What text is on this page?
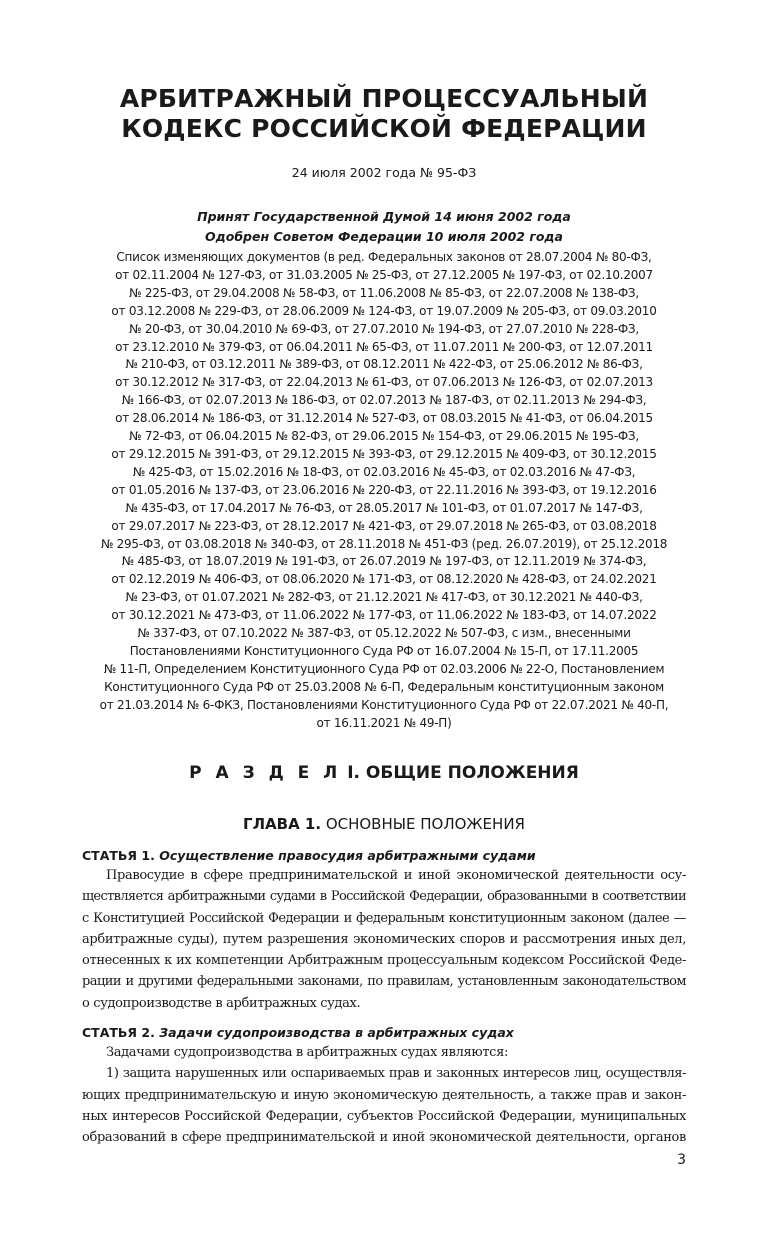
АРБИТРАЖНЫЙ ПРОЦЕССУАЛЬНЫЙ
КОДЕКС РОССИЙСКОЙ ФЕДЕРАЦИИ
24 июля 2002 года № 95-ФЗ
Принят Государственной Думой 14 июня 2002 года
Одобрен Советом Федерации 10 июля 2002 года
Список изменяющих документов (в ред. Федеральных законов от 28.07.2004 № 80-ФЗ,
от 02.11.2004 № 127-ФЗ, от 31.03.2005 № 25-ФЗ, от 27.12.2005 № 197-ФЗ, от 02.10.2007
№ 225-ФЗ, от 29.04.2008 № 58-ФЗ, от 11.06.2008 № 85-ФЗ, от 22.07.2008 № 138-ФЗ,
от 03.12.2008 № 229-ФЗ, от 28.06.2009 № 124-ФЗ, от 19.07.2009 № 205-ФЗ, от 09.03.2010
№ 20-ФЗ, от 30.04.2010 № 69-ФЗ, от 27.07.2010 № 194-ФЗ, от 27.07.2010 № 228-ФЗ,
от 23.12.2010 № 379-ФЗ, от 06.04.2011 № 65-ФЗ, от 11.07.2011 № 200-ФЗ, от 12.07.2011
№ 210-ФЗ, от 03.12.2011 № 389-ФЗ, от 08.12.2011 № 422-ФЗ, от 25.06.2012 № 86-ФЗ,
от 30.12.2012 № 317-ФЗ, от 22.04.2013 № 61-ФЗ, от 07.06.2013 № 126-ФЗ, от 02.07.2013
№ 166-ФЗ, от 02.07.2013 № 186-ФЗ, от 02.07.2013 № 187-ФЗ, от 02.11.2013 № 294-ФЗ,
от 28.06.2014 № 186-ФЗ, от 31.12.2014 № 527-ФЗ, от 08.03.2015 № 41-ФЗ, от 06.04.2015
№ 72-ФЗ, от 06.04.2015 № 82-ФЗ, от 29.06.2015 № 154-ФЗ, от 29.06.2015 № 195-ФЗ,
от 29.12.2015 № 391-ФЗ, от 29.12.2015 № 393-ФЗ, от 29.12.2015 № 409-ФЗ, от 30.12.2015
№ 425-ФЗ, от 15.02.2016 № 18-ФЗ, от 02.03.2016 № 45-ФЗ, от 02.03.2016 № 47-ФЗ,
от 01.05.2016 № 137-ФЗ, от 23.06.2016 № 220-ФЗ, от 22.11.2016 № 393-ФЗ, от 19.12.2016
№ 435-ФЗ, от 17.04.2017 № 76-ФЗ, от 28.05.2017 № 101-ФЗ, от 01.07.2017 № 147-ФЗ,
от 29.07.2017 № 223-ФЗ, от 28.12.2017 № 421-ФЗ, от 29.07.2018 № 265-ФЗ, от 03.08.2018
№ 295-ФЗ, от 03.08.2018 № 340-ФЗ, от 28.11.2018 № 451-ФЗ (ред. 26.07.2019), от 25.12.2018
№ 485-ФЗ, от 18.07.2019 № 191-ФЗ, от 26.07.2019 № 197-ФЗ, от 12.11.2019 № 374-ФЗ,
от 02.12.2019 № 406-ФЗ, от 08.06.2020 № 171-ФЗ, от 08.12.2020 № 428-ФЗ, от 24.02.2021
№ 23-ФЗ, от 01.07.2021 № 282-ФЗ, от 21.12.2021 № 417-ФЗ, от 30.12.2021 № 440-ФЗ,
от 30.12.2021 № 473-ФЗ, от 11.06.2022 № 177-ФЗ, от 11.06.2022 № 183-ФЗ, от 14.07.2022
№ 337-ФЗ, от 07.10.2022 № 387-ФЗ, от 05.12.2022 № 507-ФЗ, с изм., внесенными
Постановлениями Конституционного Суда РФ от 16.07.2004 № 15-П, от 17.11.2005
№ 11-П, Определением Конституционного Суда РФ от 02.03.2006 № 22-О, Постановлением
Конституционного Суда РФ от 25.03.2008 № 6-П, Федеральным конституционным законом
от 21.03.2014 № 6-ФКЗ, Постановлениями Конституционного Суда РФ от 22.07.2021 № 40-П,
от 16.11.2021 № 49-П)
Р А З Д Е Л I. ОБЩИЕ ПОЛОЖЕНИЯ
ГЛАВА 1. ОСНОВНЫЕ ПОЛОЖЕНИЯ
СТАТЬЯ 1. Осуществление правосудия арбитражными судами
Правосудие в сфере предпринимательской и иной экономической деятельности осу-
ществляется арбитражными судами в Российской Федерации, образованными в соответствии
с Конституцией Российской Федерации и федеральным конституционным законом (далее —
арбитражные суды), путем разрешения экономических споров и рассмотрения иных дел,
отнесенных к их компетенции Арбитражным процессуальным кодексом Российской Феде-
рации и другими федеральными законами, по правилам, установленным законодательством
о судопроизводстве в арбитражных судах.
СТАТЬЯ 2. Задачи судопроизводства в арбитражных судах
Задачами судопроизводства в арбитражных судах являются:
1) защита нарушенных или оспариваемых прав и законных интересов лиц, осуществля-
ющих предпринимательскую и иную экономическую деятельность, а также прав и закон-
ных интересов Российской Федерации, субъектов Российской Федерации, муниципальных
образований в сфере предпринимательской и иной экономической деятельности, органов
3
